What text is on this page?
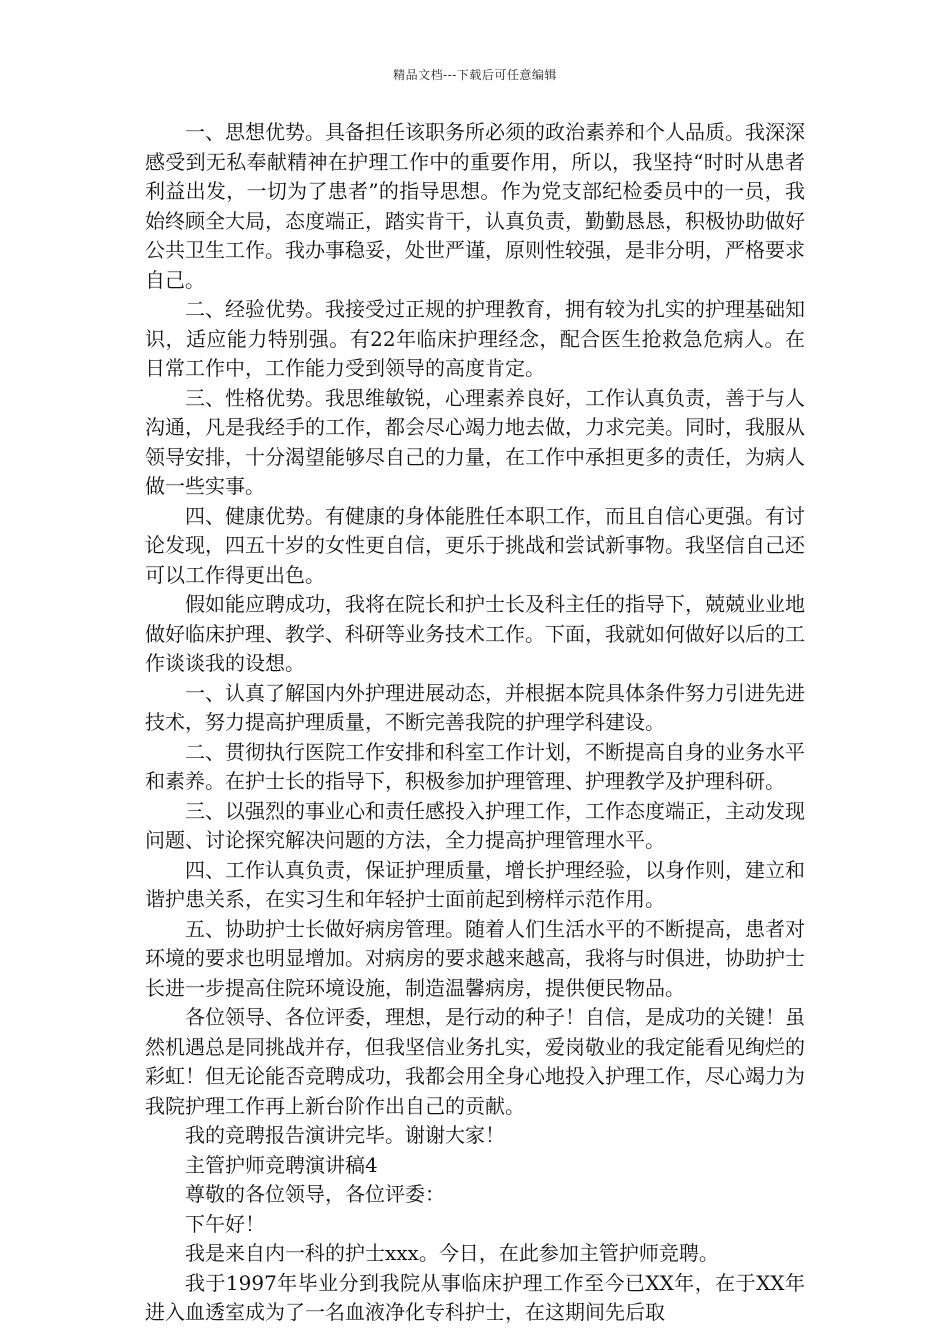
精品文档---下载后可任意编辑

一、思想优势。具备担任该职务所必须的政治素养和个人品质。我深深感受到无私奉献精神在护理工作中的重要作用，所以，我坚持“时时从患者利益出发，一切为了患者”的指导思想。作为党支部纪检委员中的一员，我始终顾全大局，态度端正，踏实肯干，认真负责，勤勤恳恳，积极协助做好公共卫生工作。我办事稳妥，处世严谨，原则性较强，是非分明，严格要求自己。

二、经验优势。我接受过正规的护理教育，拥有较为扎实的护理基础知识，适应能力特别强。有22年临床护理经念，配合医生抢救急危病人。在日常工作中，工作能力受到领导的高度肯定。

三、性格优势。我思维敏锐，心理素养良好，工作认真负责，善于与人沟通，凡是我经手的工作，都会尽心竭力地去做，力求完美。同时，我服从领导安排，十分渴望能够尽自己的力量，在工作中承担更多的责任，为病人做一些实事。

四、健康优势。有健康的身体能胜任本职工作，而且自信心更强。有讨论发现，四五十岁的女性更自信，更乐于挑战和尝试新事物。我坚信自己还可以工作得更出色。

假如能应聘成功，我将在院长和护士长及科主任的指导下，兢兢业业地做好临床护理、教学、科研等业务技术工作。下面，我就如何做好以后的工作谈谈我的设想。

一、认真了解国内外护理进展动态，并根据本院具体条件努力引进先进技术，努力提高护理质量，不断完善我院的护理学科建设。

二、贯彻执行医院工作安排和科室工作计划，不断提高自身的业务水平和素养。在护士长的指导下，积极参加护理管理、护理教学及护理科研。

三、以强烈的事业心和责任感投入护理工作，工作态度端正，主动发现问题、讨论探究解决问题的方法，全力提高护理管理水平。

四、工作认真负责，保证护理质量，增长护理经验，以身作则，建立和谐护患关系，在实习生和年轻护士面前起到榜样示范作用。

五、协助护士长做好病房管理。随着人们生活水平的不断提高，患者对环境的要求也明显增加。对病房的要求越来越高，我将与时俱进，协助护士长进一步提高住院环境设施，制造温馨病房，提供便民物品。

各位领导、各位评委，理想，是行动的种子！自信，是成功的关键！虽然机遇总是同挑战并存，但我坚信业务扎实，爱岗敬业的我定能看见绚烂的彩虹！但无论能否竞聘成功，我都会用全身心地投入护理工作，尽心竭力为我院护理工作再上新台阶作出自己的贡献。

我的竞聘报告演讲完毕。谢谢大家！

主管护师竞聘演讲稿4

尊敬的各位领导，各位评委：

下午好！

我是来自内一科的护士xxx。今日，在此参加主管护师竞聘。

我于1997年毕业分到我院从事临床护理工作至今已XX年，在于XX年进入血透室成为了一名血液净化专科护士，在这期间先后取
